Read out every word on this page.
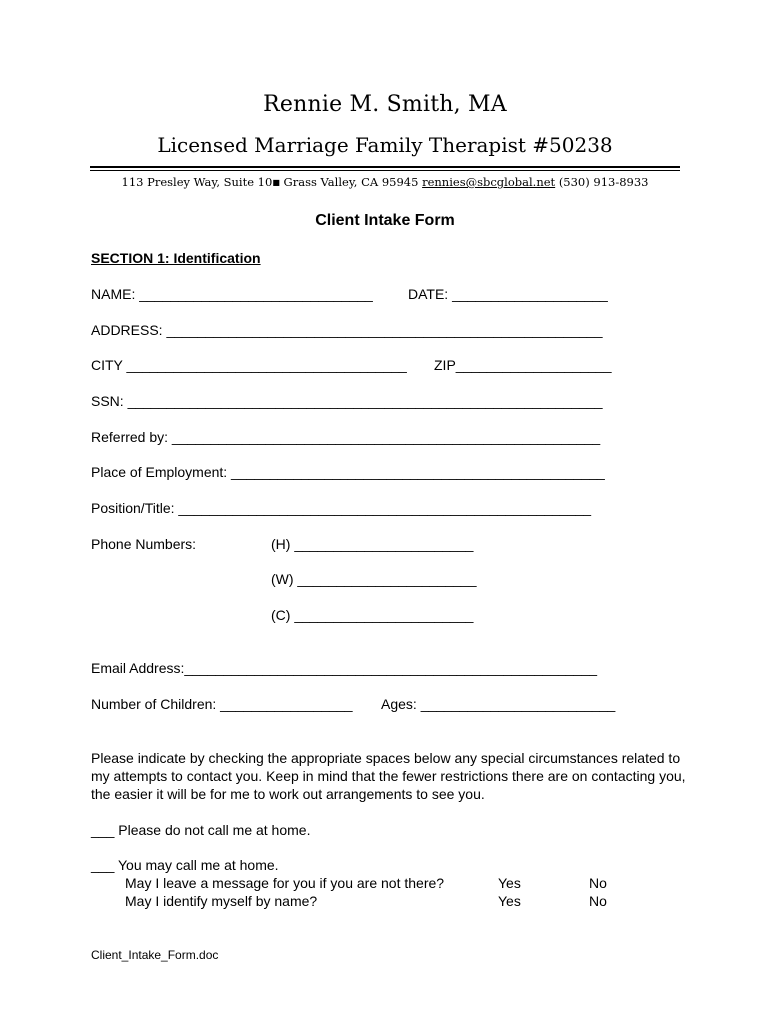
Rennie M. Smith, MA
Licensed Marriage Family Therapist #50238
113 Presley Way, Suite 10■ Grass Valley, CA 95945 rennies@sbcglobal.net (530) 913-8933
Client Intake Form
SECTION 1: Identification
NAME: ______________________________	DATE: ____________________
ADDRESS: ________________________________________________________
CITY ____________________________________ ZIP____________________
SSN: _____________________________________________________________
Referred by: _______________________________________________________
Place of Employment: ________________________________________________
Position/Title: _____________________________________________________
Phone Numbers:	(H) _______________________
(W) _______________________
(C) _______________________
Email Address:_____________________________________________________
Number of Children: _________________ Ages: _________________________
Please indicate by checking the appropriate spaces below any special circumstances related to my attempts to contact you. Keep in mind that the fewer restrictions there are on contacting you, the easier it will be for me to work out arrangements to see you.
___ Please do not call me at home.
___ You may call me at home.
May I leave a message for you if you are not there?	Yes	No
May I identify myself by name?	Yes	No
Client_Intake_Form.doc
